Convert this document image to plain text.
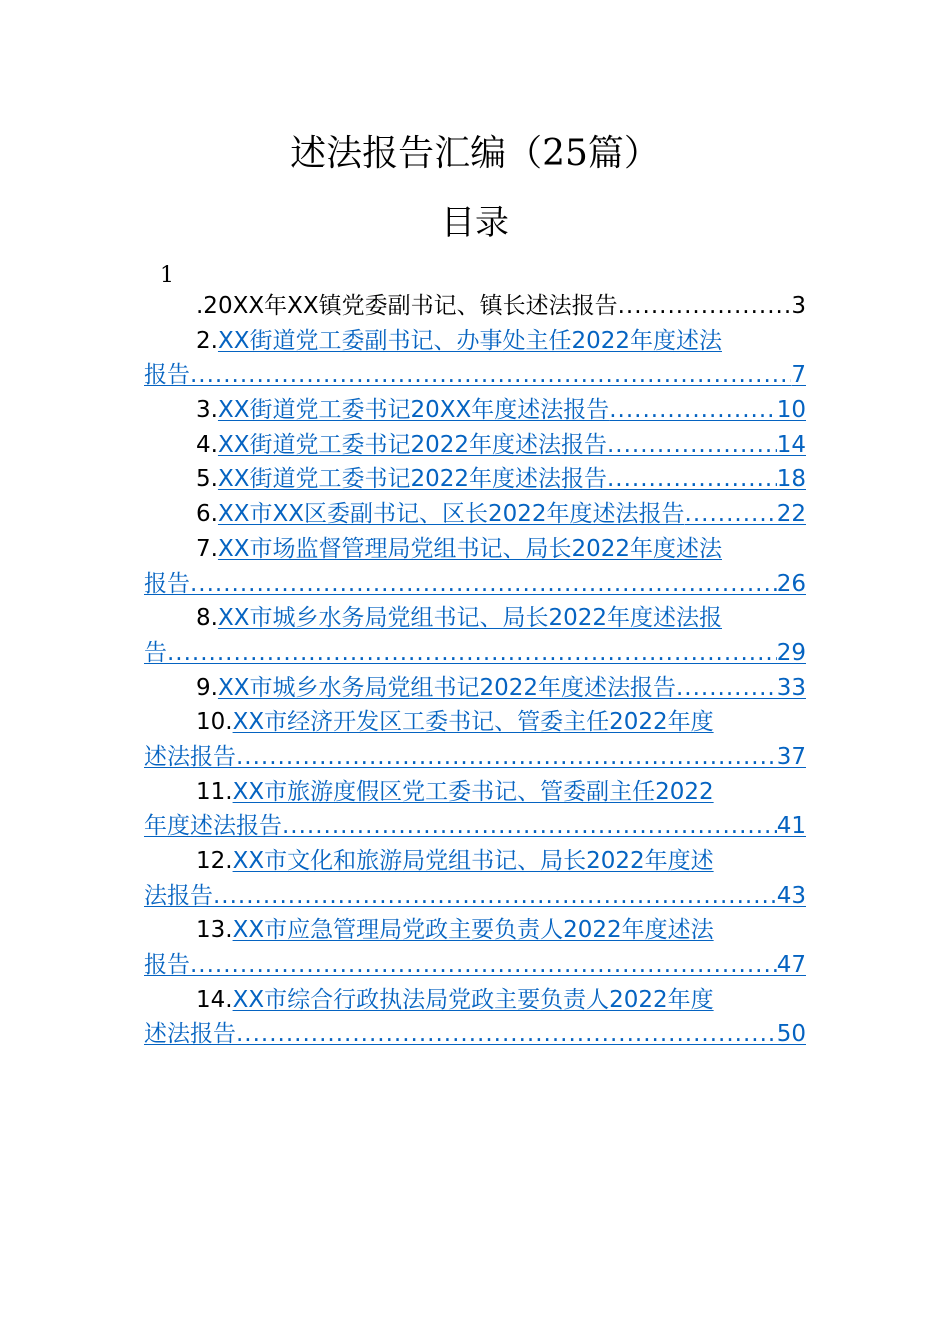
述法报告汇编（25篇）
目录
1
.20XX年 XX镇党委副书记、镇长述法报告 .....	3
2. XX街道党工委副书记、办事处主任2022年度述法
报告 .....	7
3. XX街道党工委书记20XX年度述法报告 .....	10
4. XX街道党工委书记2022年度述法报告 .....	14
5. XX街道党工委书记2022年度述法报告 .....	18
6. XX市XX区委副书记、区长2022年度述法报告 .....	22
7. XX市场监督管理局党组书记、局长2022年度述法
报告 .....	26
8. XX市城乡水务局党组书记、局长2022年度述法报
告 .....	29
9. XX市城乡水务局党组书记2022年度述法报告 .....	33
10. XX市经济开发区工委书记、管委主任2022年度
述法报告 .....	37
11. XX市旅游度假区党工委书记、管委副主任2022
年度述法报告 .....	41
12. XX市文化和旅游局党组书记、局长2022年度述
法报告 .....	43
13. XX市应急管理局党政主要负责人2022年度述法
报告 .....	47
14. XX市综合行政执法局党政主要负责人2022年度
述法报告 .....	50
